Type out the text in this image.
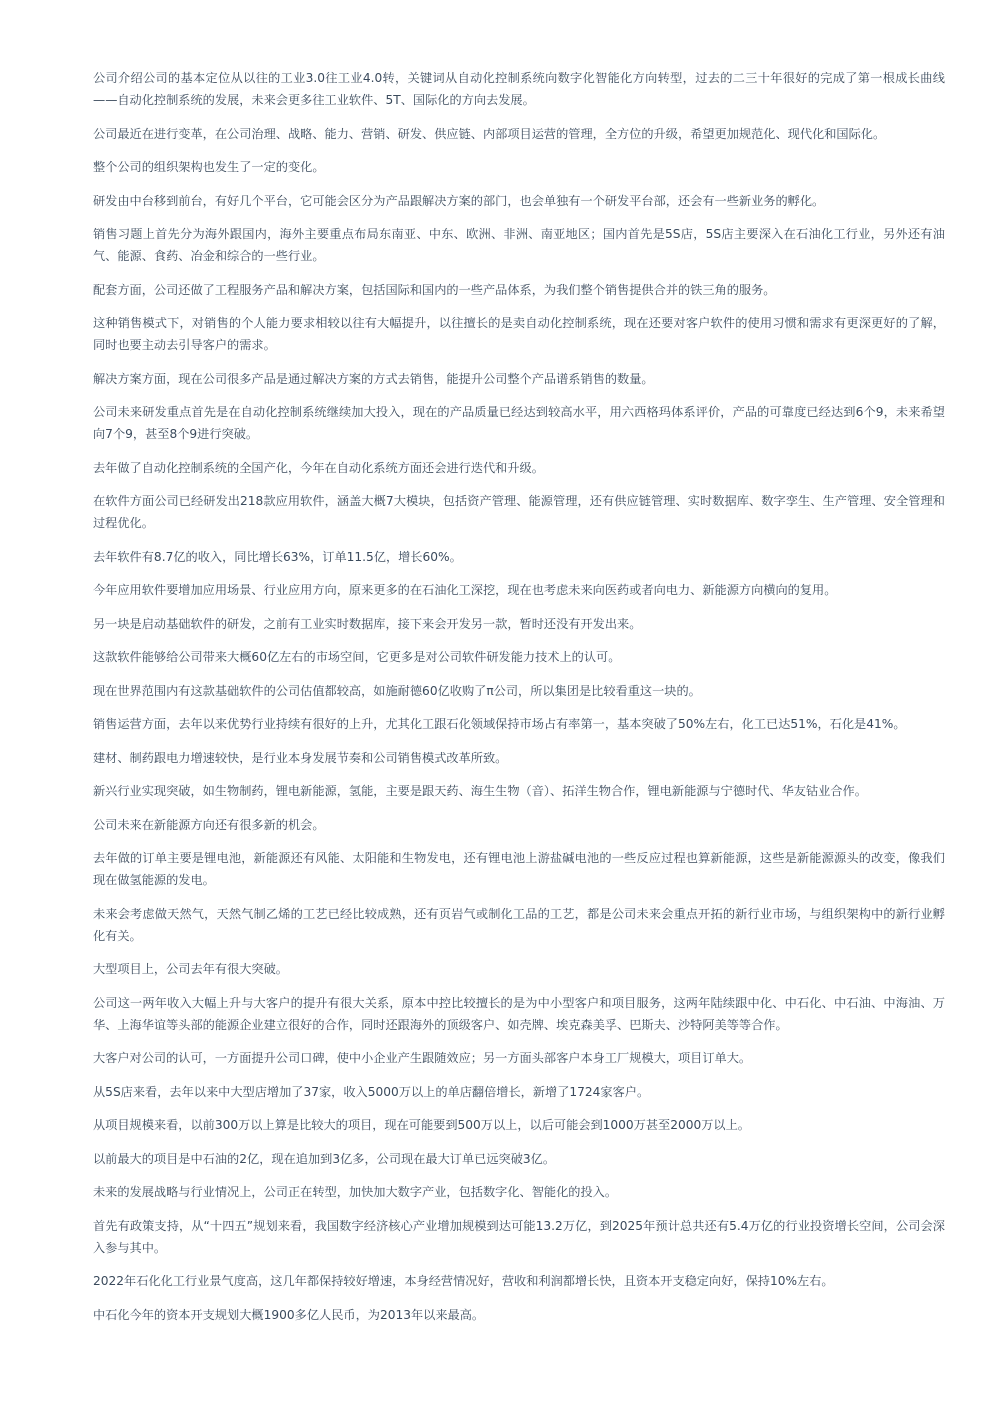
公司介绍公司的基本定位从以往的工业3.0往工业4.0转，关键词从自动化控制系统向数字化智能化方向转型，过去的二三十年很好的完成了第一根成长曲线——自动化控制系统的发展，未来会更多往工业软件、5T、国际化的方向去发展。

公司最近在进行变革，在公司治理、战略、能力、营销、研发、供应链、内部项目运营的管理，全方位的升级，希望更加规范化、现代化和国际化。

整个公司的组织架构也发生了一定的变化。

研发由中台移到前台，有好几个平台，它可能会区分为产品跟解决方案的部门，也会单独有一个研发平台部，还会有一些新业务的孵化。

销售习题上首先分为海外跟国内，海外主要重点布局东南亚、中东、欧洲、非洲、南亚地区；国内首先是5S店，5S店主要深入在石油化工行业，另外还有油气、能源、食药、冶金和综合的一些行业。

配套方面，公司还做了工程服务产品和解决方案，包括国际和国内的一些产品体系，为我们整个销售提供合并的铁三角的服务。

这种销售模式下，对销售的个人能力要求相较以往有大幅提升，以往擅长的是卖自动化控制系统，现在还要对客户软件的使用习惯和需求有更深更好的了解，同时也要主动去引导客户的需求。

解决方案方面，现在公司很多产品是通过解决方案的方式去销售，能提升公司整个产品谱系销售的数量。

公司未来研发重点首先是在自动化控制系统继续加大投入，现在的产品质量已经达到较高水平，用六西格玛体系评价，产品的可靠度已经达到6个9，未来希望向7个9，甚至8个9进行突破。

去年做了自动化控制系统的全国产化，今年在自动化系统方面还会进行迭代和升级。

在软件方面公司已经研发出218款应用软件，涵盖大概7大模块，包括资产管理、能源管理，还有供应链管理、实时数据库、数字孪生、生产管理、安全管理和过程优化。

去年软件有8.7亿的收入，同比增长63%，订单11.5亿，增长60%。

今年应用软件要增加应用场景、行业应用方向，原来更多的在石油化工深挖，现在也考虑未来向医药或者向电力、新能源方向横向的复用。

另一块是启动基础软件的研发，之前有工业实时数据库，接下来会开发另一款，暂时还没有开发出来。

这款软件能够给公司带来大概60亿左右的市场空间，它更多是对公司软件研发能力技术上的认可。

现在世界范围内有这款基础软件的公司估值都较高，如施耐德60亿收购了π公司，所以集团是比较看重这一块的。

销售运营方面，去年以来优势行业持续有很好的上升，尤其化工跟石化领域保持市场占有率第一，基本突破了50%左右，化工已达51%，石化是41%。

建材、制药跟电力增速较快，是行业本身发展节奏和公司销售模式改革所致。

新兴行业实现突破，如生物制药，锂电新能源，氢能，主要是跟天药、海生生物（音）、拓洋生物合作，锂电新能源与宁德时代、华友钴业合作。

公司未来在新能源方向还有很多新的机会。

去年做的订单主要是锂电池，新能源还有风能、太阳能和生物发电，还有锂电池上游盐碱电池的一些反应过程也算新能源，这些是新能源源头的改变，像我们现在做氢能源的发电。

未来会考虑做天然气，天然气制乙烯的工艺已经比较成熟，还有页岩气或制化工品的工艺，都是公司未来会重点开拓的新行业市场，与组织架构中的新行业孵化有关。

大型项目上，公司去年有很大突破。

公司这一两年收入大幅上升与大客户的提升有很大关系，原本中控比较擅长的是为中小型客户和项目服务，这两年陆续跟中化、中石化、中石油、中海油、万华、上海华谊等头部的能源企业建立很好的合作，同时还跟海外的顶级客户、如壳牌、埃克森美孚、巴斯夫、沙特阿美等等合作。

大客户对公司的认可，一方面提升公司口碑，使中小企业产生跟随效应；另一方面头部客户本身工厂规模大，项目订单大。

从5S店来看，去年以来中大型店增加了37家，收入5000万以上的单店翻倍增长，新增了1724家客户。

从项目规模来看，以前300万以上算是比较大的项目，现在可能要到500万以上，以后可能会到1000万甚至2000万以上。

以前最大的项目是中石油的2亿，现在追加到3亿多，公司现在最大订单已远突破3亿。

未来的发展战略与行业情况上，公司正在转型，加快加大数字产业，包括数字化、智能化的投入。

首先有政策支持，从“十四五”规划来看，我国数字经济核心产业增加规模到达可能13.2万亿，到2025年预计总共还有5.4万亿的行业投资增长空间，公司会深入参与其中。

2022年石化化工行业景气度高，这几年都保持较好增速，本身经营情况好，营收和利润都增长快，且资本开支稳定向好，保持10%左右。

中石化今年的资本开支规划大概1900多亿人民币，为2013年以来最高。
